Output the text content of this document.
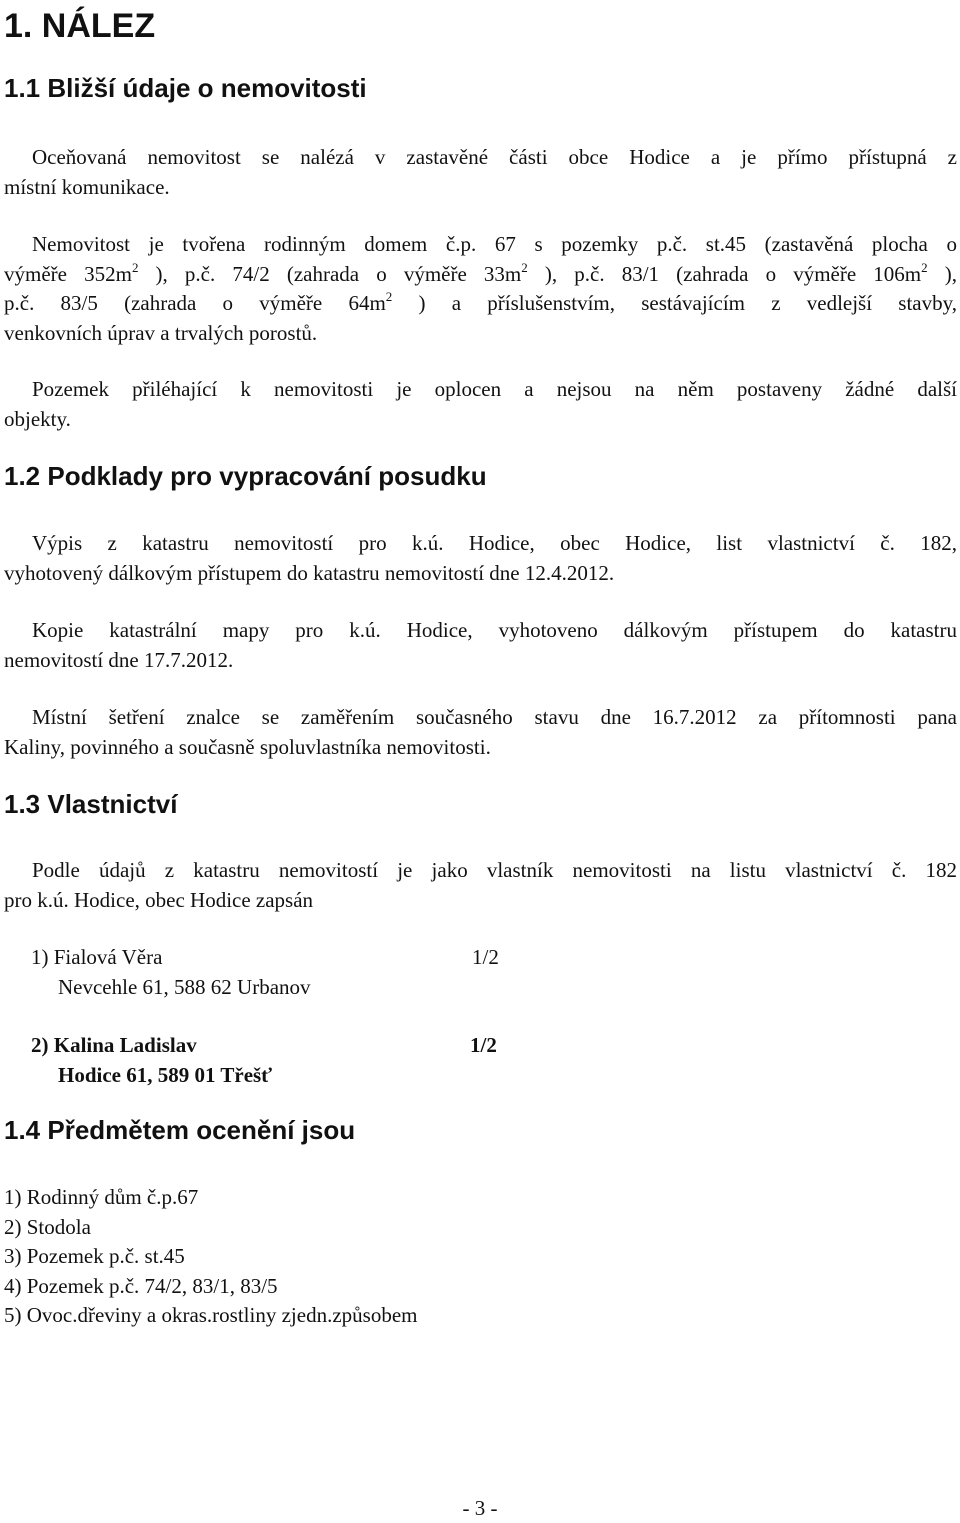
1. NÁLEZ
1.1 Bližší údaje o nemovitosti
Oceňovaná nemovitost se nalézá v zastavěné části obce Hodice a je přímo přístupná z
místní komunikace.
Nemovitost je tvořena rodinným domem č.p. 67 s pozemky p.č. st.45 (zastavěná plocha o
výměře $352m^2$ ), p.č. 74/2 (zahrada o výměře $33m^2$ ), p.č. 83/1 (zahrada o výměře $106m^2$ ),
p.č. 83/5 (zahrada o výměře $64m^2$ ) a příslušenstvím, sestávajícím z vedlejší stavby,
venkovních úprav a trvalých porostů.
Pozemek přiléhající k nemovitosti je oplocen a nejsou na něm postaveny žádné další
objekty.
1.2 Podklady pro vypracování posudku
Výpis z katastru nemovitostí pro k.ú. Hodice, obec Hodice, list vlastnictví č. 182,
vyhotovený dálkovým přístupem do katastru nemovitostí dne 12.4.2012.
Kopie katastrální mapy pro k.ú. Hodice, vyhotoveno dálkovým přístupem do katastru
nemovitostí dne 17.7.2012.
Místní šetření znalce se zaměřením současného stavu dne 16.7.2012 za přítomnosti pana
Kaliny, povinného a současně spoluvlastníka nemovitosti.
1.3 Vlastnictví
Podle údajů z katastru nemovitostí je jako vlastník nemovitosti na listu vlastnictví č. 182
pro k.ú. Hodice, obec Hodice zapsán
1) Fialová Věra	1/2
Nevcehle 61, 588 62 Urbanov
2) Kalina Ladislav	1/2
Hodice 61, 589 01 Třešť
1.4 Předmětem ocenění jsou
1) Rodinný dům č.p.67
2) Stodola
3) Pozemek p.č. st.45
4) Pozemek p.č. 74/2, 83/1, 83/5
5) Ovoc.dřeviny a okras.rostliny zjedn.způsobem
- 3 -
